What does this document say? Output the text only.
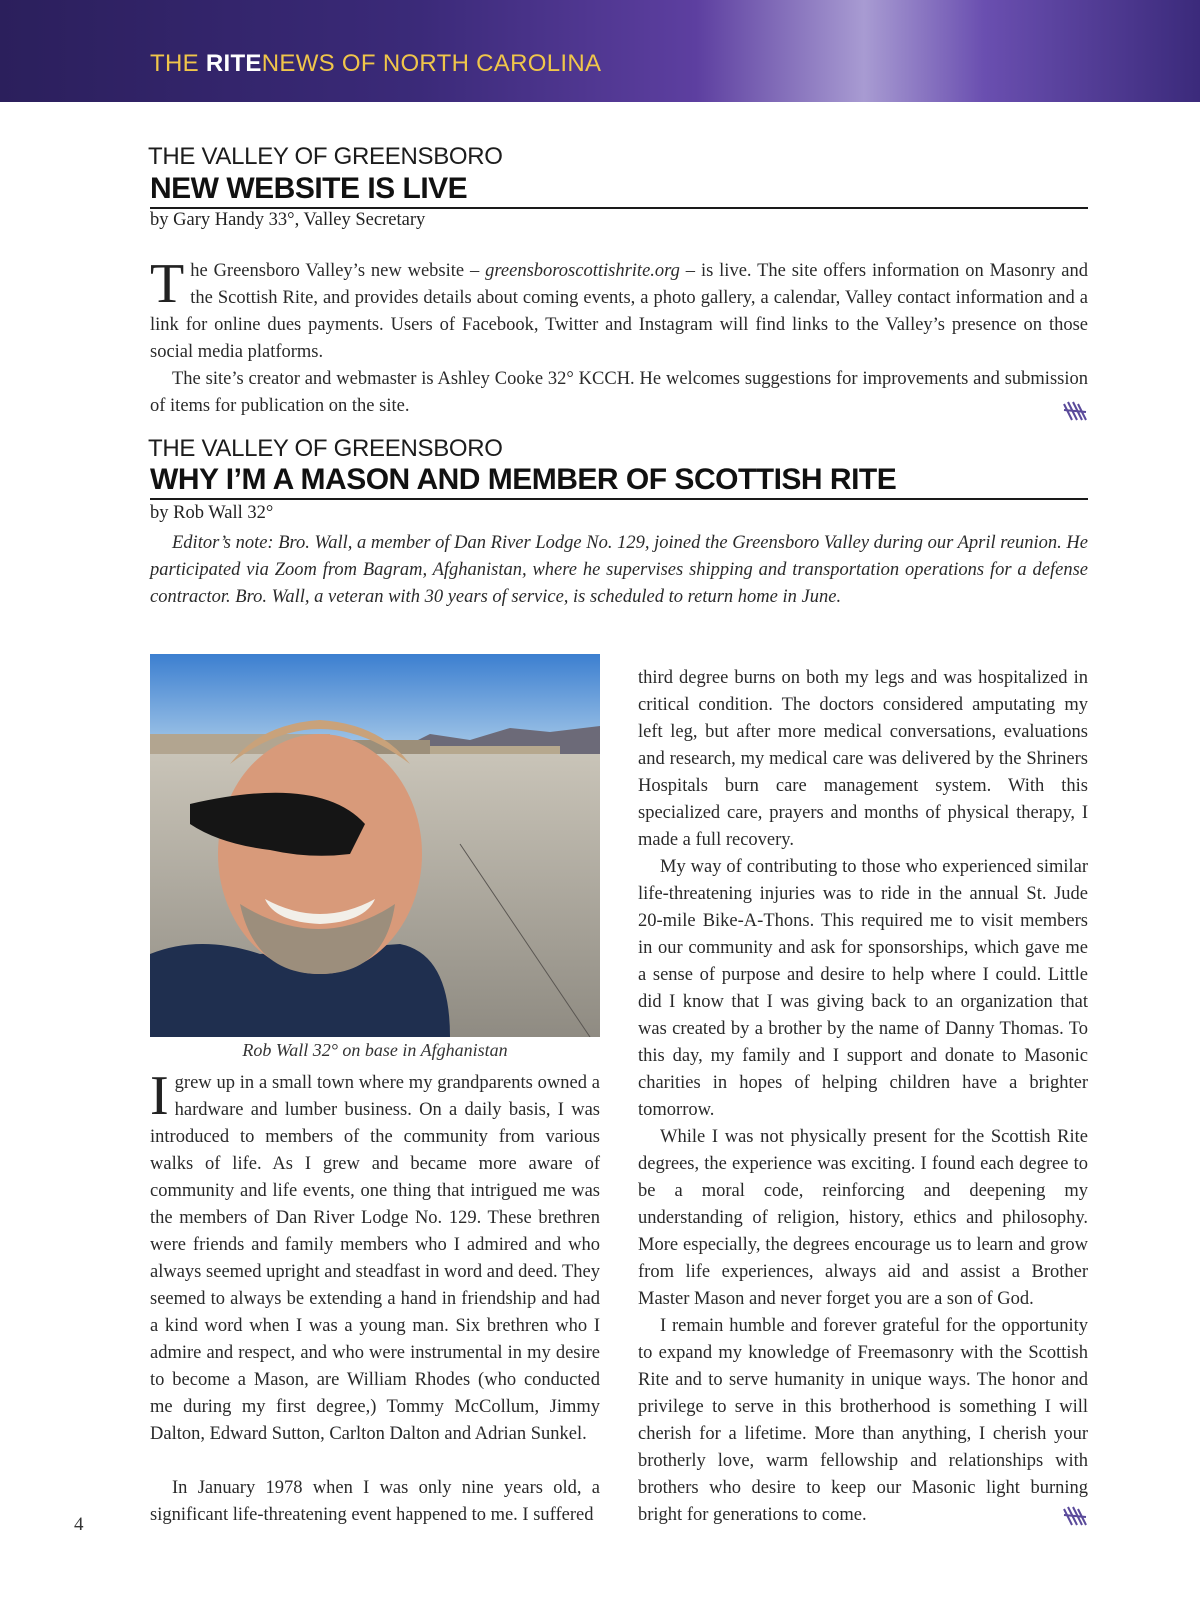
THE RITENEWS OF NORTH CAROLINA
THE VALLEY OF GREENSBORO
NEW WEBSITE IS LIVE
by Gary Handy 33°, Valley Secretary

The Greensboro Valley’s new website – greensboroscottishrite.org – is live. The site offers information on Masonry and the Scottish Rite, and provides details about coming events, a photo gallery, a calendar, Valley contact information and a link for online dues payments. Users of Facebook, Twitter and Instagram will find links to the Valley’s presence on those social media platforms.

The site’s creator and webmaster is Ashley Cooke 32° KCCH. He welcomes suggestions for improvements and submission of items for publication on the site.

THE VALLEY OF GREENSBORO
WHY I’M A MASON AND MEMBER OF SCOTTISH RITE
by Rob Wall 32°

Editor’s note: Bro. Wall, a member of Dan River Lodge No. 129, joined the Greensboro Valley during our April reunion. He participated via Zoom from Bagram, Afghanistan, where he supervises shipping and transportation operations for a defense contractor. Bro. Wall, a veteran with 30 years of service, is scheduled to return home in June.

Rob Wall 32° on base in Afghanistan

Igrew up in a small town where my grandparents owned a hardware and lumber business. On a daily basis, I was introduced to members of the community from various walks of life. As I grew and became more aware of community and life events, one thing that intrigued me was the members of Dan River Lodge No. 129. These brethren were friends and family members who I admired and who always seemed upright and steadfast in word and deed. They seemed to always be extending a hand in friendship and had a kind word when I was a young man. Six brethren who I admire and respect, and who were instrumental in my desire to become a Mason, are William Rhodes (who conducted me during my first degree,) Tommy McCollum, Jimmy Dalton, Edward Sutton, Carlton Dalton and Adrian Sunkel.

In January 1978 when I was only nine years old, a significant life-threatening event happened to me. I suffered

third degree burns on both my legs and was hospitalized in critical condition. The doctors considered amputating my left leg, but after more medical conversations, evaluations and research, my medical care was delivered by the Shriners Hospitals burn care management system. With this specialized care, prayers and months of physical therapy, I made a full recovery.

My way of contributing to those who experienced similar life-threatening injuries was to ride in the annual St. Jude 20-mile Bike-A-Thons. This required me to visit members in our community and ask for sponsorships, which gave me a sense of purpose and desire to help where I could. Little did I know that I was giving back to an organization that was created by a brother by the name of Danny Thomas. To this day, my family and I support and donate to Masonic charities in hopes of helping children have a brighter tomorrow.

While I was not physically present for the Scottish Rite degrees, the experience was exciting. I found each degree to be a moral code, reinforcing and deepening my understanding of religion, history, ethics and philosophy. More especially, the degrees encourage us to learn and grow from life experiences, always aid and assist a Brother Master Mason and never forget you are a son of God.

I remain humble and forever grateful for the opportunity to expand my knowledge of Freemasonry with the Scottish Rite and to serve humanity in unique ways. The honor and privilege to serve in this brotherhood is something I will cherish for a lifetime. More than anything, I cherish your brotherly love, warm fellowship and relationships with brothers who desire to keep our Masonic light burning bright for generations to come.

4
